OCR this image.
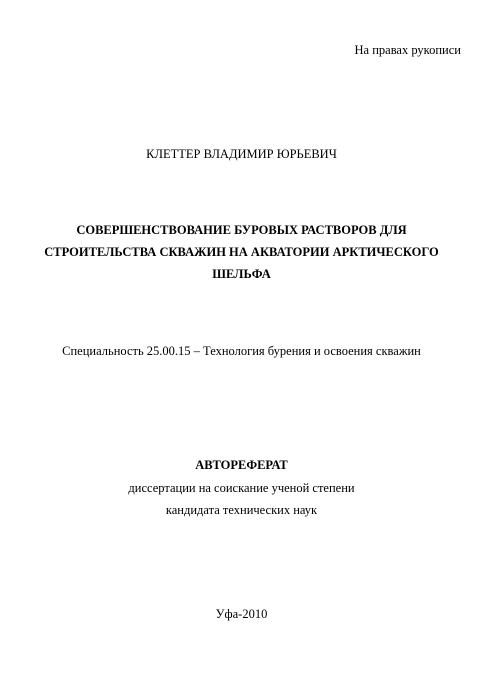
На правах рукописи
КЛЕТТЕР ВЛАДИМИР ЮРЬЕВИЧ
СОВЕРШЕНСТВОВАНИЕ БУРОВЫХ РАСТВОРОВ ДЛЯ
СТРОИТЕЛЬСТВА СКВАЖИН НА АКВАТОРИИ АРКТИЧЕСКОГО
ШЕЛЬФА
Специальность 25.00.15 – Технология бурения и освоения скважин
АВТОРЕФЕРАТ
диссертации на соискание ученой степени
кандидата технических наук
Уфа-2010
